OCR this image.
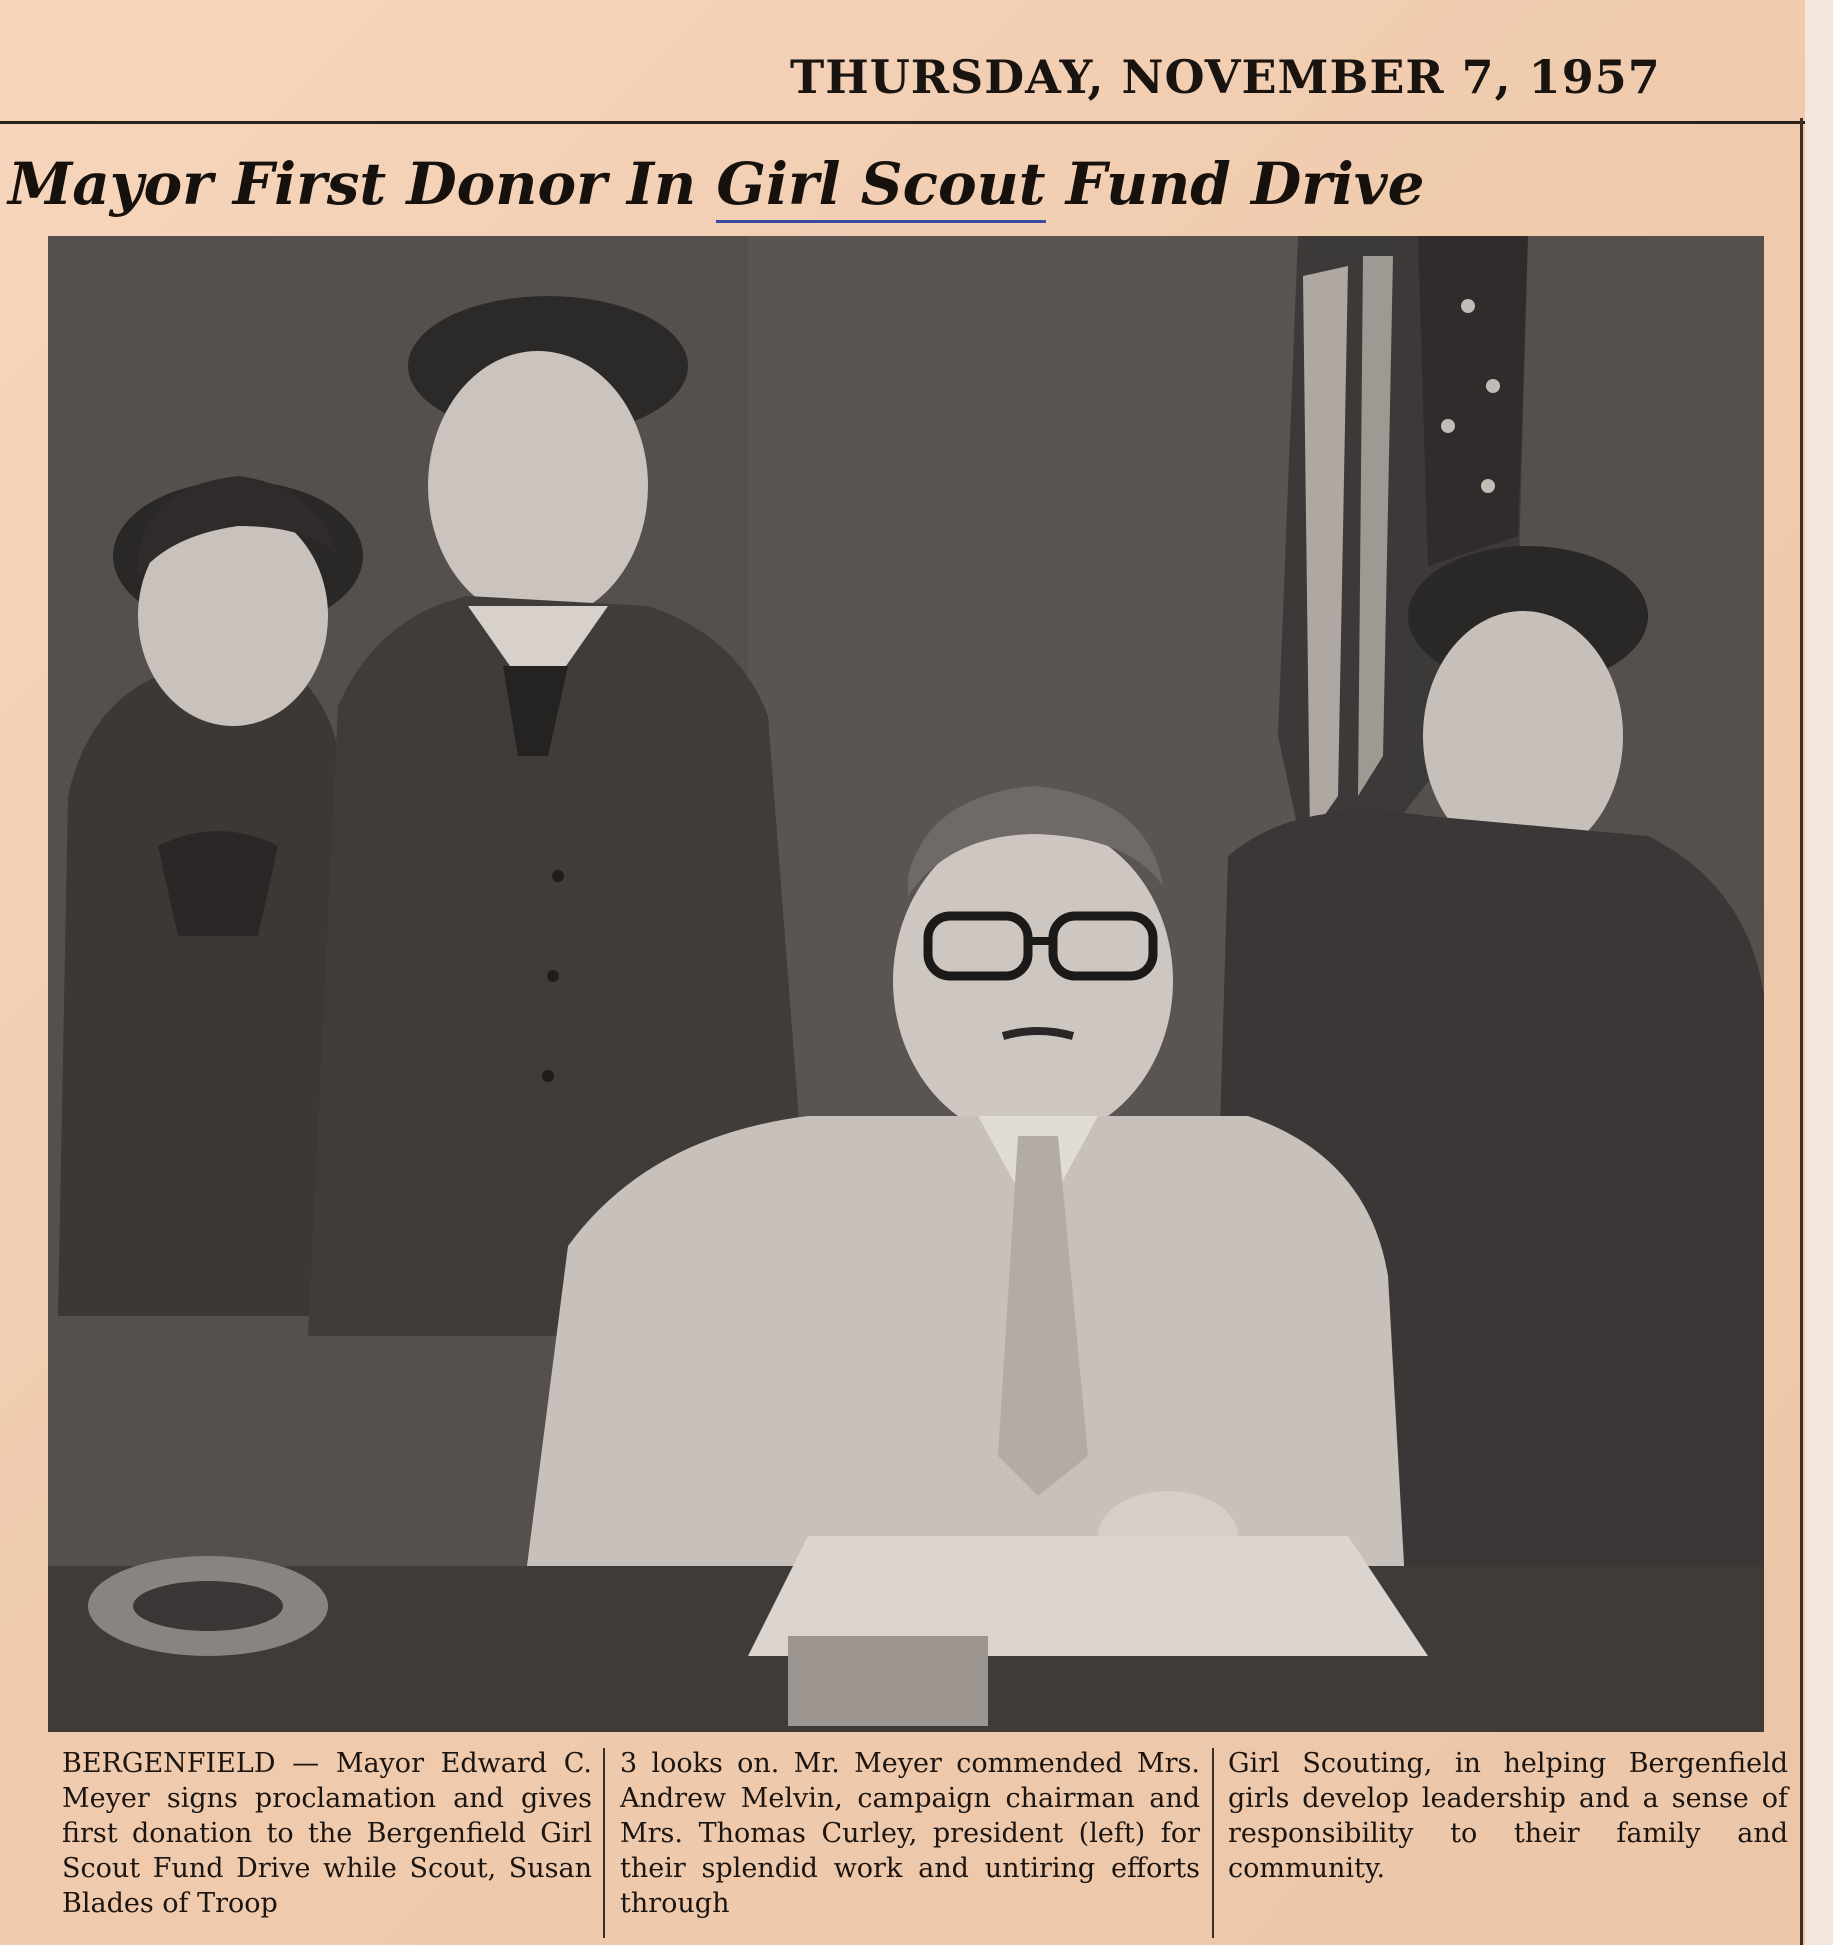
THURSDAY, NOVEMBER 7, 1957
Mayor First Donor In Girl Scout Fund Drive

BERGENFIELD — Mayor Edward C. Meyer signs proclamation and gives first donation to the Bergenfield Girl Scout Fund Drive while Scout, Susan Blades of Troop

3 looks on. Mr. Meyer commended Mrs. Andrew Melvin, campaign chairman and Mrs. Thomas Curley, president (left) for their splendid work and untiring efforts through

Girl Scouting, in helping Bergenfield girls develop leadership and a sense of responsibility to their family and community.
